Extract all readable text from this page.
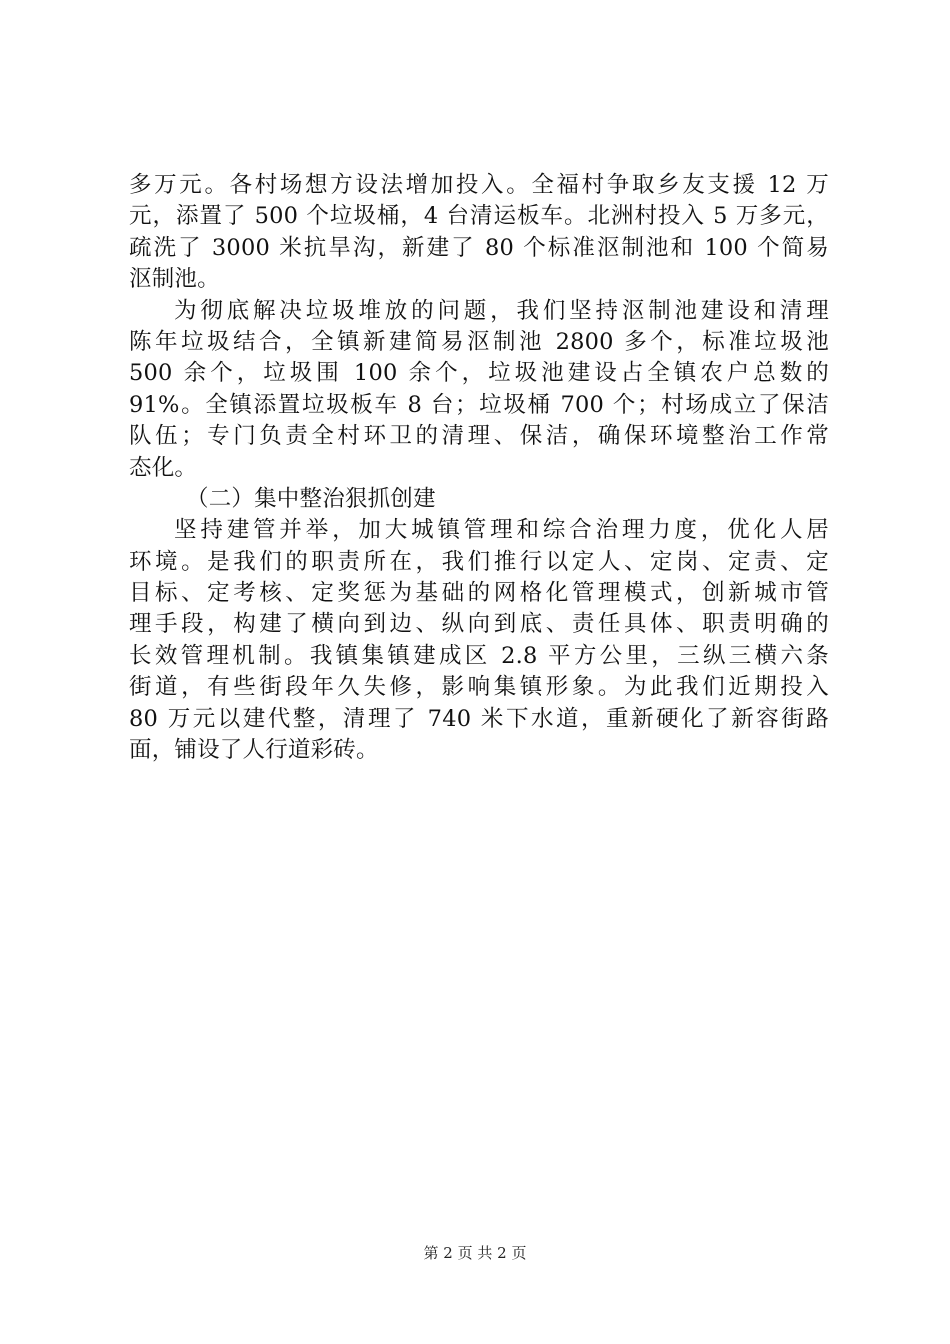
多万元。各村场想方设法增加投入。全福村争取乡友支援 12 万
元，添置了 500 个垃圾桶，4 台清运板车。北洲村投入 5 万多元，
疏洗了 3000 米抗旱沟，新建了 80 个标准沤制池和 100 个简易
沤制池。
为彻底解决垃圾堆放的问题，我们坚持沤制池建设和清理
陈年垃圾结合，全镇新建简易沤制池 2800 多个，标准垃圾池
500 余个，垃圾围 100 余个，垃圾池建设占全镇农户总数的
91%。全镇添置垃圾板车 8 台；垃圾桶 700 个；村场成立了保洁
队伍；专门负责全村环卫的清理、保洁，确保环境整治工作常
态化。
（二）集中整治狠抓创建
坚持建管并举，加大城镇管理和综合治理力度，优化人居
环境。是我们的职责所在，我们推行以定人、定岗、定责、定
目标、定考核、定奖惩为基础的网格化管理模式，创新城市管
理手段，构建了横向到边、纵向到底、责任具体、职责明确的
长效管理机制。我镇集镇建成区 2.8 平方公里，三纵三横六条
街道，有些街段年久失修，影响集镇形象。为此我们近期投入
80 万元以建代整，清理了 740 米下水道，重新硬化了新容街路
面，铺设了人行道彩砖。
第 2 页 共 2 页
